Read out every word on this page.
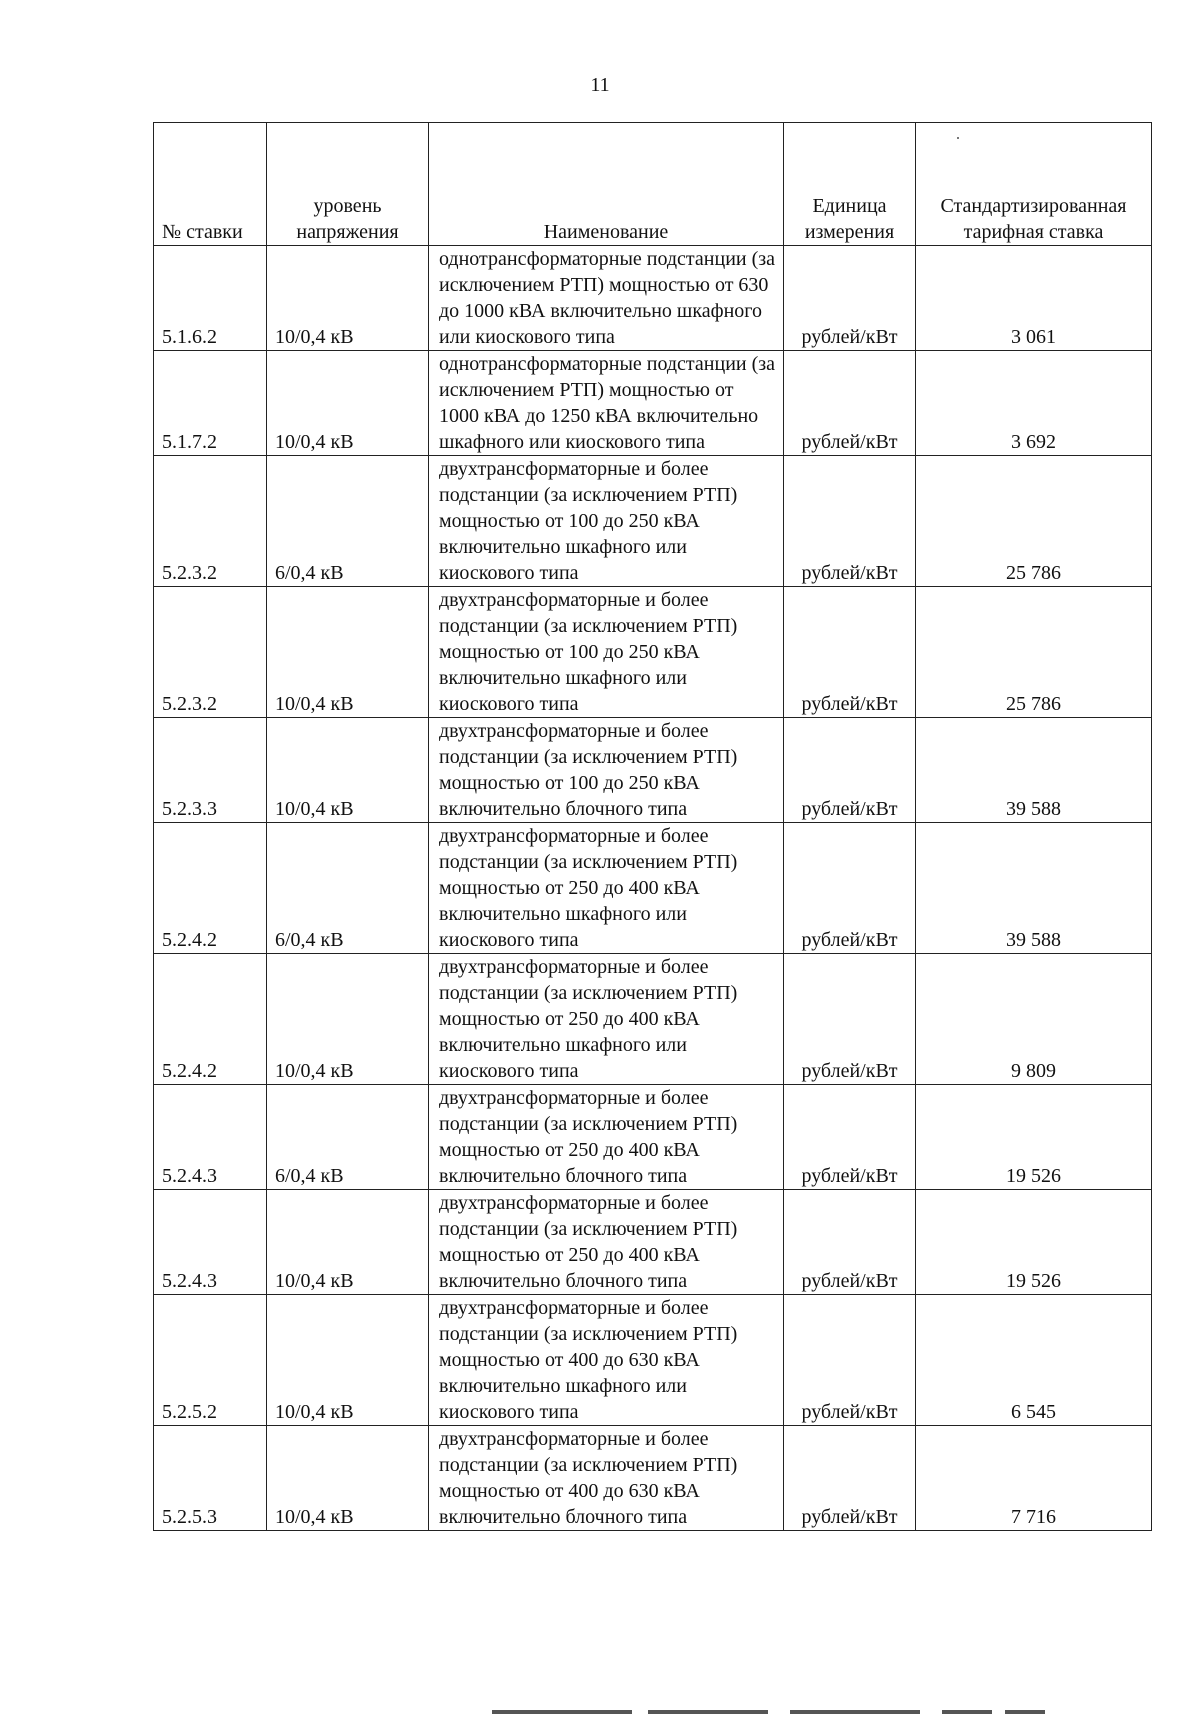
11
№ ставки	уровень напряжения	Наименование	Единица измерения	Стандартизированная тарифная ставка
5.1.6.2	10/0,4 кВ	однотрансформаторные подстанции (за исключением РТП) мощностью от 630 до 1000 кВА включительно шкафного или киоскового типа	рублей/кВт	3 061
5.1.7.2	10/0,4 кВ	однотрансформаторные подстанции (за исключением РТП) мощностью от 1000 кВА до 1250 кВА включительно шкафного или киоскового типа	рублей/кВт	3 692
5.2.3.2	6/0,4 кВ	двухтрансформаторные и более подстанции (за исключением РТП) мощностью от 100 до 250 кВА включительно шкафного или киоскового типа	рублей/кВт	25 786
5.2.3.2	10/0,4 кВ	двухтрансформаторные и более подстанции (за исключением РТП) мощностью от 100 до 250 кВА включительно шкафного или киоскового типа	рублей/кВт	25 786
5.2.3.3	10/0,4 кВ	двухтрансформаторные и более подстанции (за исключением РТП) мощностью от 100 до 250 кВА включительно блочного типа	рублей/кВт	39 588
5.2.4.2	6/0,4 кВ	двухтрансформаторные и более подстанции (за исключением РТП) мощностью от 250 до 400 кВА включительно шкафного или киоскового типа	рублей/кВт	39 588
5.2.4.2	10/0,4 кВ	двухтрансформаторные и более подстанции (за исключением РТП) мощностью от 250 до 400 кВА включительно шкафного или киоскового типа	рублей/кВт	9 809
5.2.4.3	6/0,4 кВ	двухтрансформаторные и более подстанции (за исключением РТП) мощностью от 250 до 400 кВА включительно блочного типа	рублей/кВт	19 526
5.2.4.3	10/0,4 кВ	двухтрансформаторные и более подстанции (за исключением РТП) мощностью от 250 до 400 кВА включительно блочного типа	рублей/кВт	19 526
5.2.5.2	10/0,4 кВ	двухтрансформаторные и более подстанции (за исключением РТП) мощностью от 400 до 630 кВА включительно шкафного или киоскового типа	рублей/кВт	6 545
5.2.5.3	10/0,4 кВ	двухтрансформаторные и более подстанции (за исключением РТП) мощностью от 400 до 630 кВА включительно блочного типа	рублей/кВт	7 716
